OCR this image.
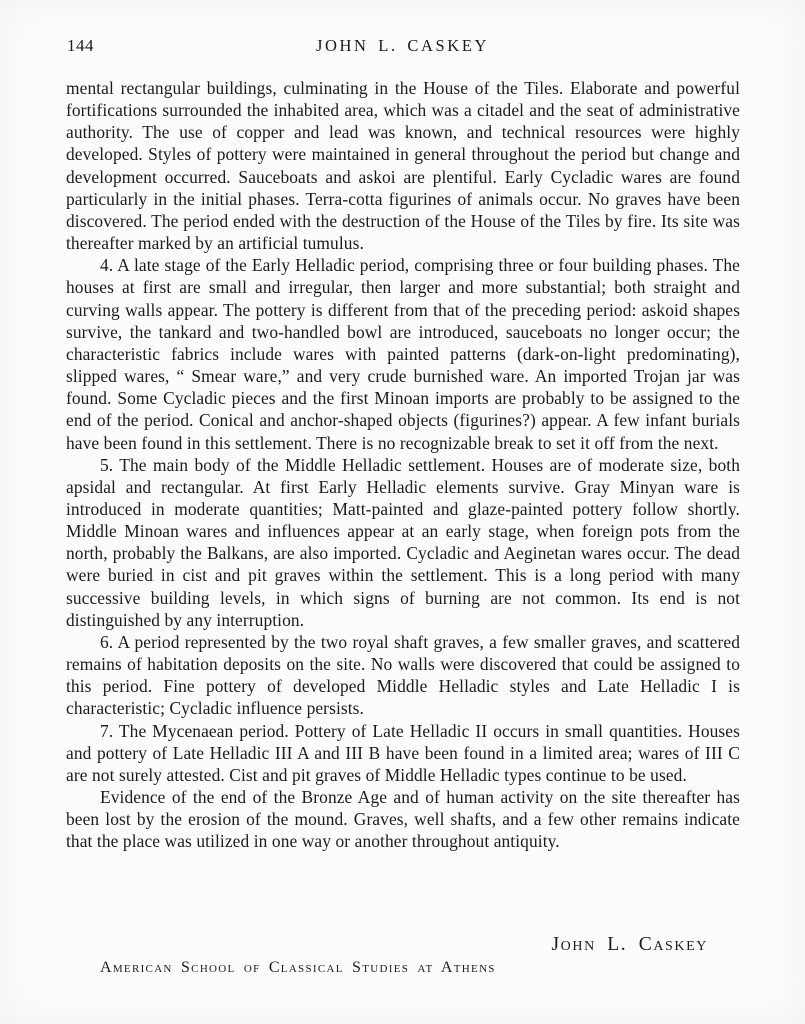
144	JOHN L. CASKEY

mental rectangular buildings, culminating in the House of the Tiles. Elaborate and powerful fortifications surrounded the inhabited area, which was a citadel and the seat of administrative authority. The use of copper and lead was known, and technical resources were highly developed. Styles of pottery were maintained in general throughout the period but change and development occurred. Sauceboats and askoi are plentiful. Early Cycladic wares are found particularly in the initial phases. Terra-cotta figurines of animals occur. No graves have been discovered. The period ended with the destruction of the House of the Tiles by fire. Its site was thereafter marked by an artificial tumulus.

4. A late stage of the Early Helladic period, comprising three or four building phases. The houses at first are small and irregular, then larger and more substantial; both straight and curving walls appear. The pottery is different from that of the preceding period: askoid shapes survive, the tankard and two-handled bowl are introduced, sauceboats no longer occur; the characteristic fabrics include wares with painted patterns (dark-on-light predominating), slipped wares, “ Smear ware,” and very crude burnished ware. An imported Trojan jar was found. Some Cycladic pieces and the first Minoan imports are probably to be assigned to the end of the period. Conical and anchor-shaped objects (figurines?) appear. A few infant burials have been found in this settlement. There is no recognizable break to set it off from the next.

5. The main body of the Middle Helladic settlement. Houses are of moderate size, both apsidal and rectangular. At first Early Helladic elements survive. Gray Minyan ware is introduced in moderate quantities; Matt-painted and glaze-painted pottery follow shortly. Middle Minoan wares and influences appear at an early stage, when foreign pots from the north, probably the Balkans, are also imported. Cycladic and Aeginetan wares occur. The dead were buried in cist and pit graves within the settlement. This is a long period with many successive building levels, in which signs of burning are not common. Its end is not distinguished by any interruption.

6. A period represented by the two royal shaft graves, a few smaller graves, and scattered remains of habitation deposits on the site. No walls were discovered that could be assigned to this period. Fine pottery of developed Middle Helladic styles and Late Helladic I is characteristic; Cycladic influence persists.

7. The Mycenaean period. Pottery of Late Helladic II occurs in small quantities. Houses and pottery of Late Helladic III A and III B have been found in a limited area; wares of III C are not surely attested. Cist and pit graves of Middle Helladic types continue to be used.

Evidence of the end of the Bronze Age and of human activity on the site thereafter has been lost by the erosion of the mound. Graves, well shafts, and a few other remains indicate that the place was utilized in one way or another throughout antiquity.

John L. Caskey
American School of Classical Studies at Athens
